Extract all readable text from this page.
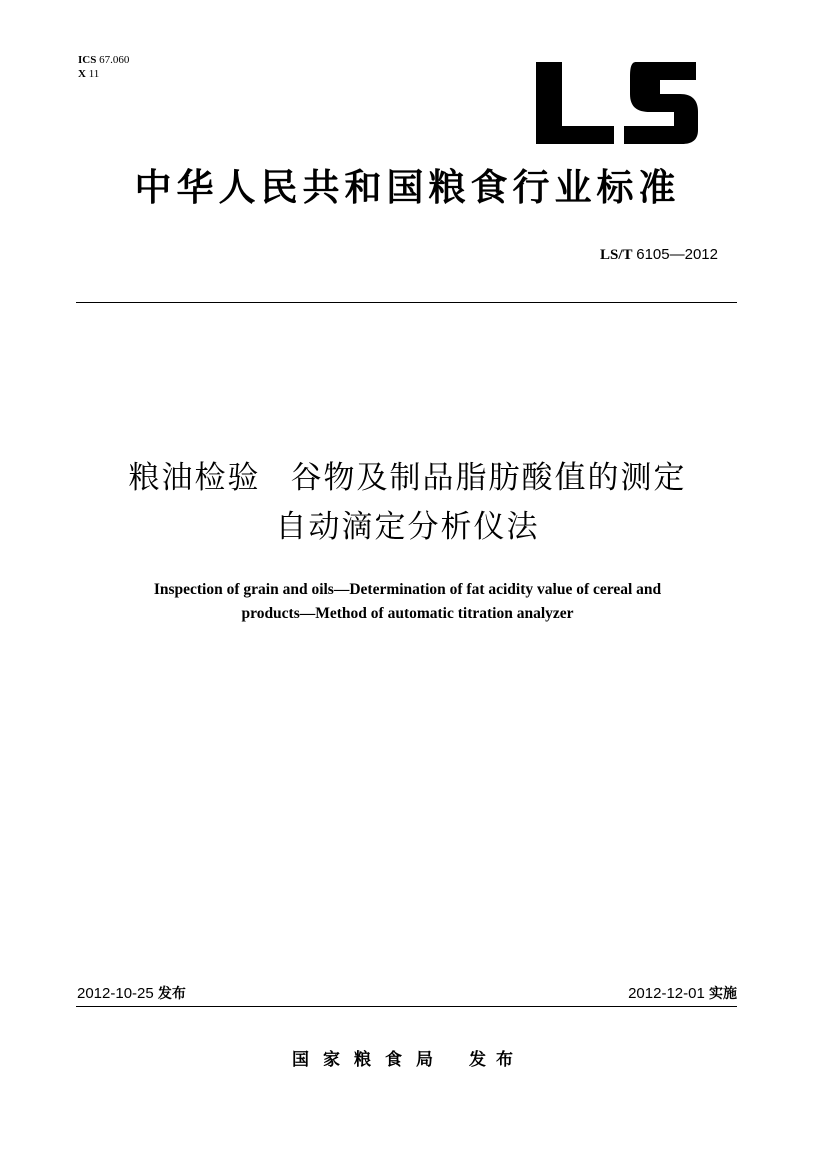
ICS 67.060
X 11
中华人民共和国粮食行业标准
LS/T 6105—2012
粮油检验 谷物及制品脂肪酸值的测定
自动滴定分析仪法
Inspection of grain and oils—Determination of fat acidity value of cereal and
products—Method of automatic titration analyzer
2012-10-25 发布	2012-12-01 实施
国家粮食局 发布
